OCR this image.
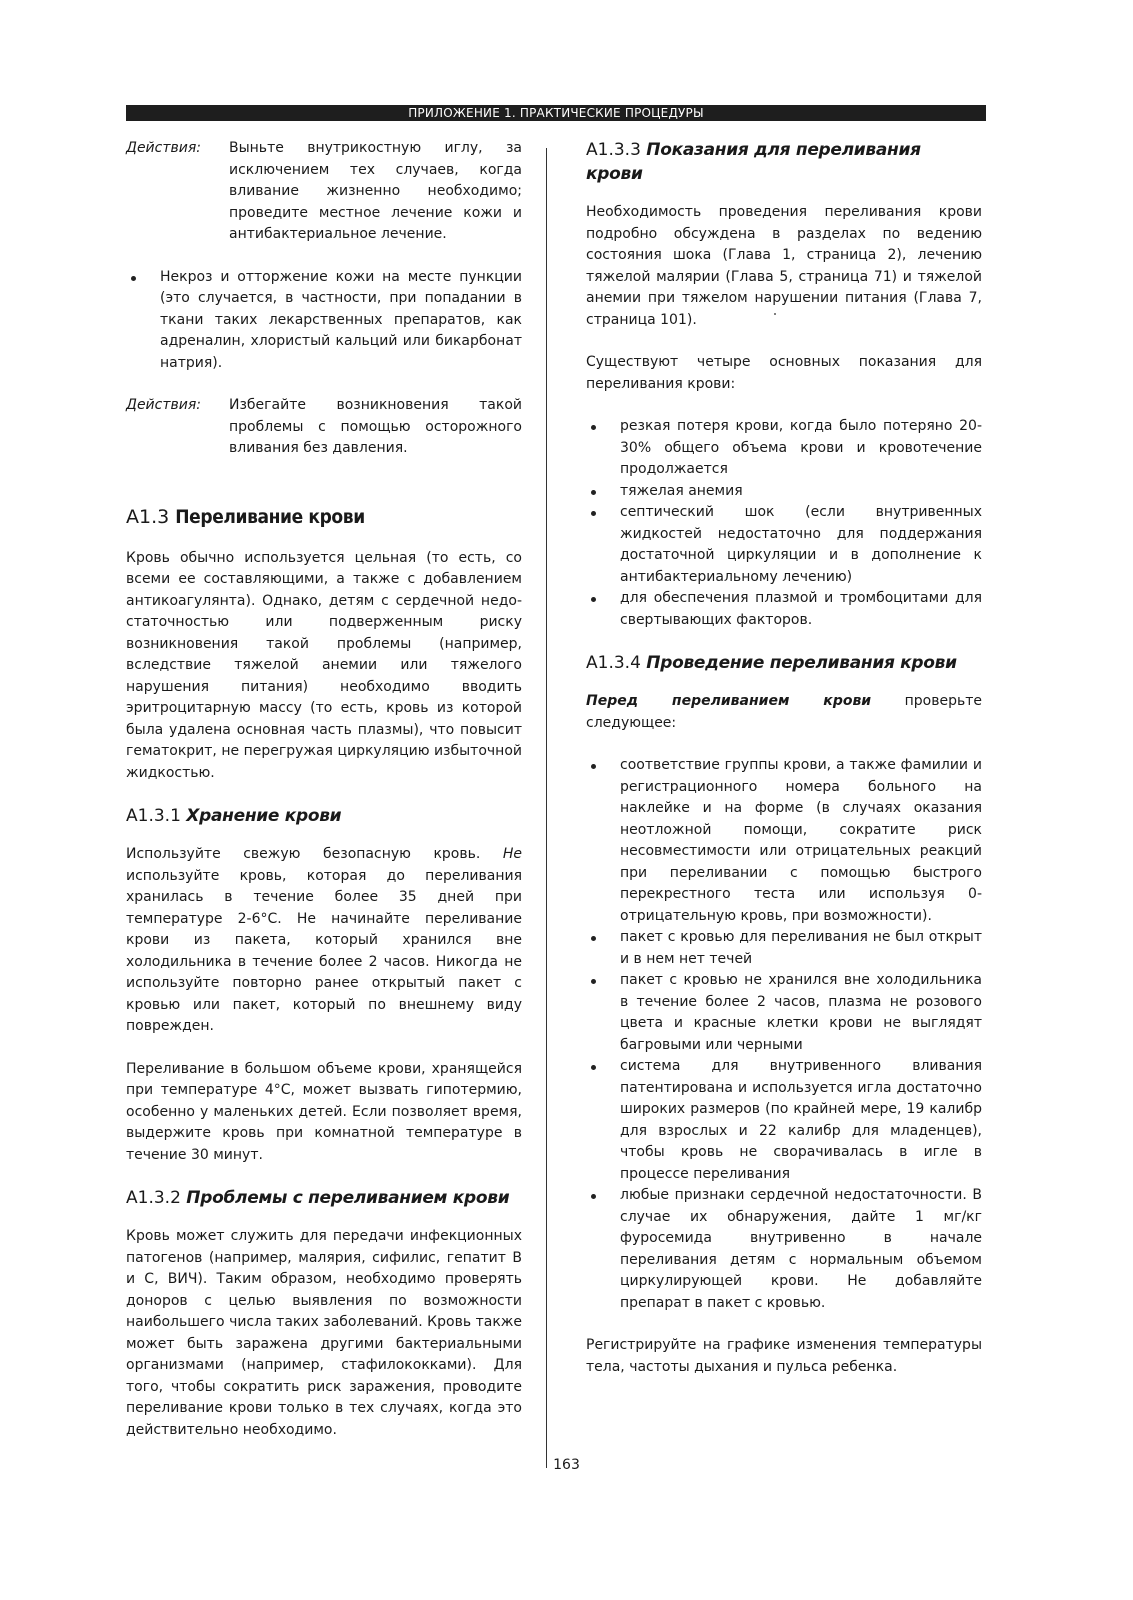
ПРИЛОЖЕНИЕ 1. ПРАКТИЧЕСКИЕ ПРОЦЕДУРЫ
Действия:	Выньте внутрикостную иглу, за исключением тех случаев, когда вливание жизненно необходимо; проведите местное лечение кожи и антибактериальное лечение.
Некроз и отторжение кожи на месте пункции (это случается, в частности, при попадании в ткани таких лекарственных препаратов, как адреналин, хлористый кальций или бикарбонат натрия).
Действия:	Избегайте возникновения такой проблемы с помощью осторожного вливания без давления.
A1.3 Переливание крови

Кровь обычно используется цельная (то есть, со всеми ее составляющими, а также с добавлением антикоагулянта). Однако, детям с сердечной недо-статочностью или подверженным риску возникновения такой проблемы (например, вследствие тяжелой анемии или тяжелого нарушения питания) необходимо вводить эритроцитарную массу (то есть, кровь из которой была удалена основная часть плазмы), что повысит гематокрит, не перегружая циркуляцию избыточной жидкостью.

A1.3.1 Хранение крови

Используйте свежую безопасную кровь. Не используйте кровь, которая до переливания хранилась в течение более 35 дней при температуре 2-6°С. Не начинайте переливание крови из пакета, который хранился вне холодильника в течение более 2 часов. Никогда не используйте повторно ранее открытый пакет с кровью или пакет, который по внешнему виду поврежден.

Переливание в большом объеме крови, хранящейся при температуре 4°С, может вызвать гипотермию, особенно у маленьких детей. Если позволяет время, выдержите кровь при комнатной температуре в течение 30 минут.

A1.3.2 Проблемы с переливанием крови

Кровь может служить для передачи инфекционных патогенов (например, малярия, сифилис, гепатит В и С, ВИЧ). Таким образом, необходимо проверять доноров с целью выявления по возможности наибольшего числа таких заболеваний. Кровь также может быть заражена другими бактериальными организмами (например, стафилококками). Для того, чтобы сократить риск заражения, проводите переливание крови только в тех случаях, когда это действительно необходимо.

A1.3.3 Показания для переливания крови

Необходимость проведения переливания крови подробно обсуждена в разделах по ведению состояния шока (Глава 1, страница 2), лечению тяжелой малярии (Глава 5, страница 71) и тяжелой анемии при тяжелом нарушении питания (Глава 7, страница 101).

Существуют четыре основных показания для переливания крови:

резкая потеря крови, когда было потеряно 20-30% общего объема крови и кровотечение продолжается
тяжелая анемия
септический шок (если внутривенных жидкостей недостаточно для поддержания достаточной циркуляции и в дополнение к антибактериальному лечению)
для обеспечения плазмой и тромбоцитами для свертывающих факторов.
A1.3.4 Проведение переливания крови

Перед переливанием крови проверьте следующее:

соответствие группы крови, а также фамилии и регистрационного номера больного на наклейке и на форме (в случаях оказания неотложной помощи, сократите риск несовместимости или отрицательных реакций при переливании с помощью быстрого перекрестного теста или используя 0-отрицательную кровь, при возможности).
пакет с кровью для переливания не был открыт и в нем нет течей
пакет с кровью не хранился вне холодильника в течение более 2 часов, плазма не розового цвета и красные клетки крови не выглядят багровыми или черными
система для внутривенного вливания патентирована и используется игла достаточно широких размеров (по крайней мере, 19 калибр для взрослых и 22 калибр для младенцев), чтобы кровь не сворачивалась в игле в процессе переливания
любые признаки сердечной недостаточности. В случае их обнаружения, дайте 1 мг/кг фуросемида внутривенно в начале переливания детям с нормальным объемом циркулирующей крови. Не добавляйте препарат в пакет с кровью.

Регистрируйте на графике изменения температуры тела, частоты дыхания и пульса ребенка.

163
